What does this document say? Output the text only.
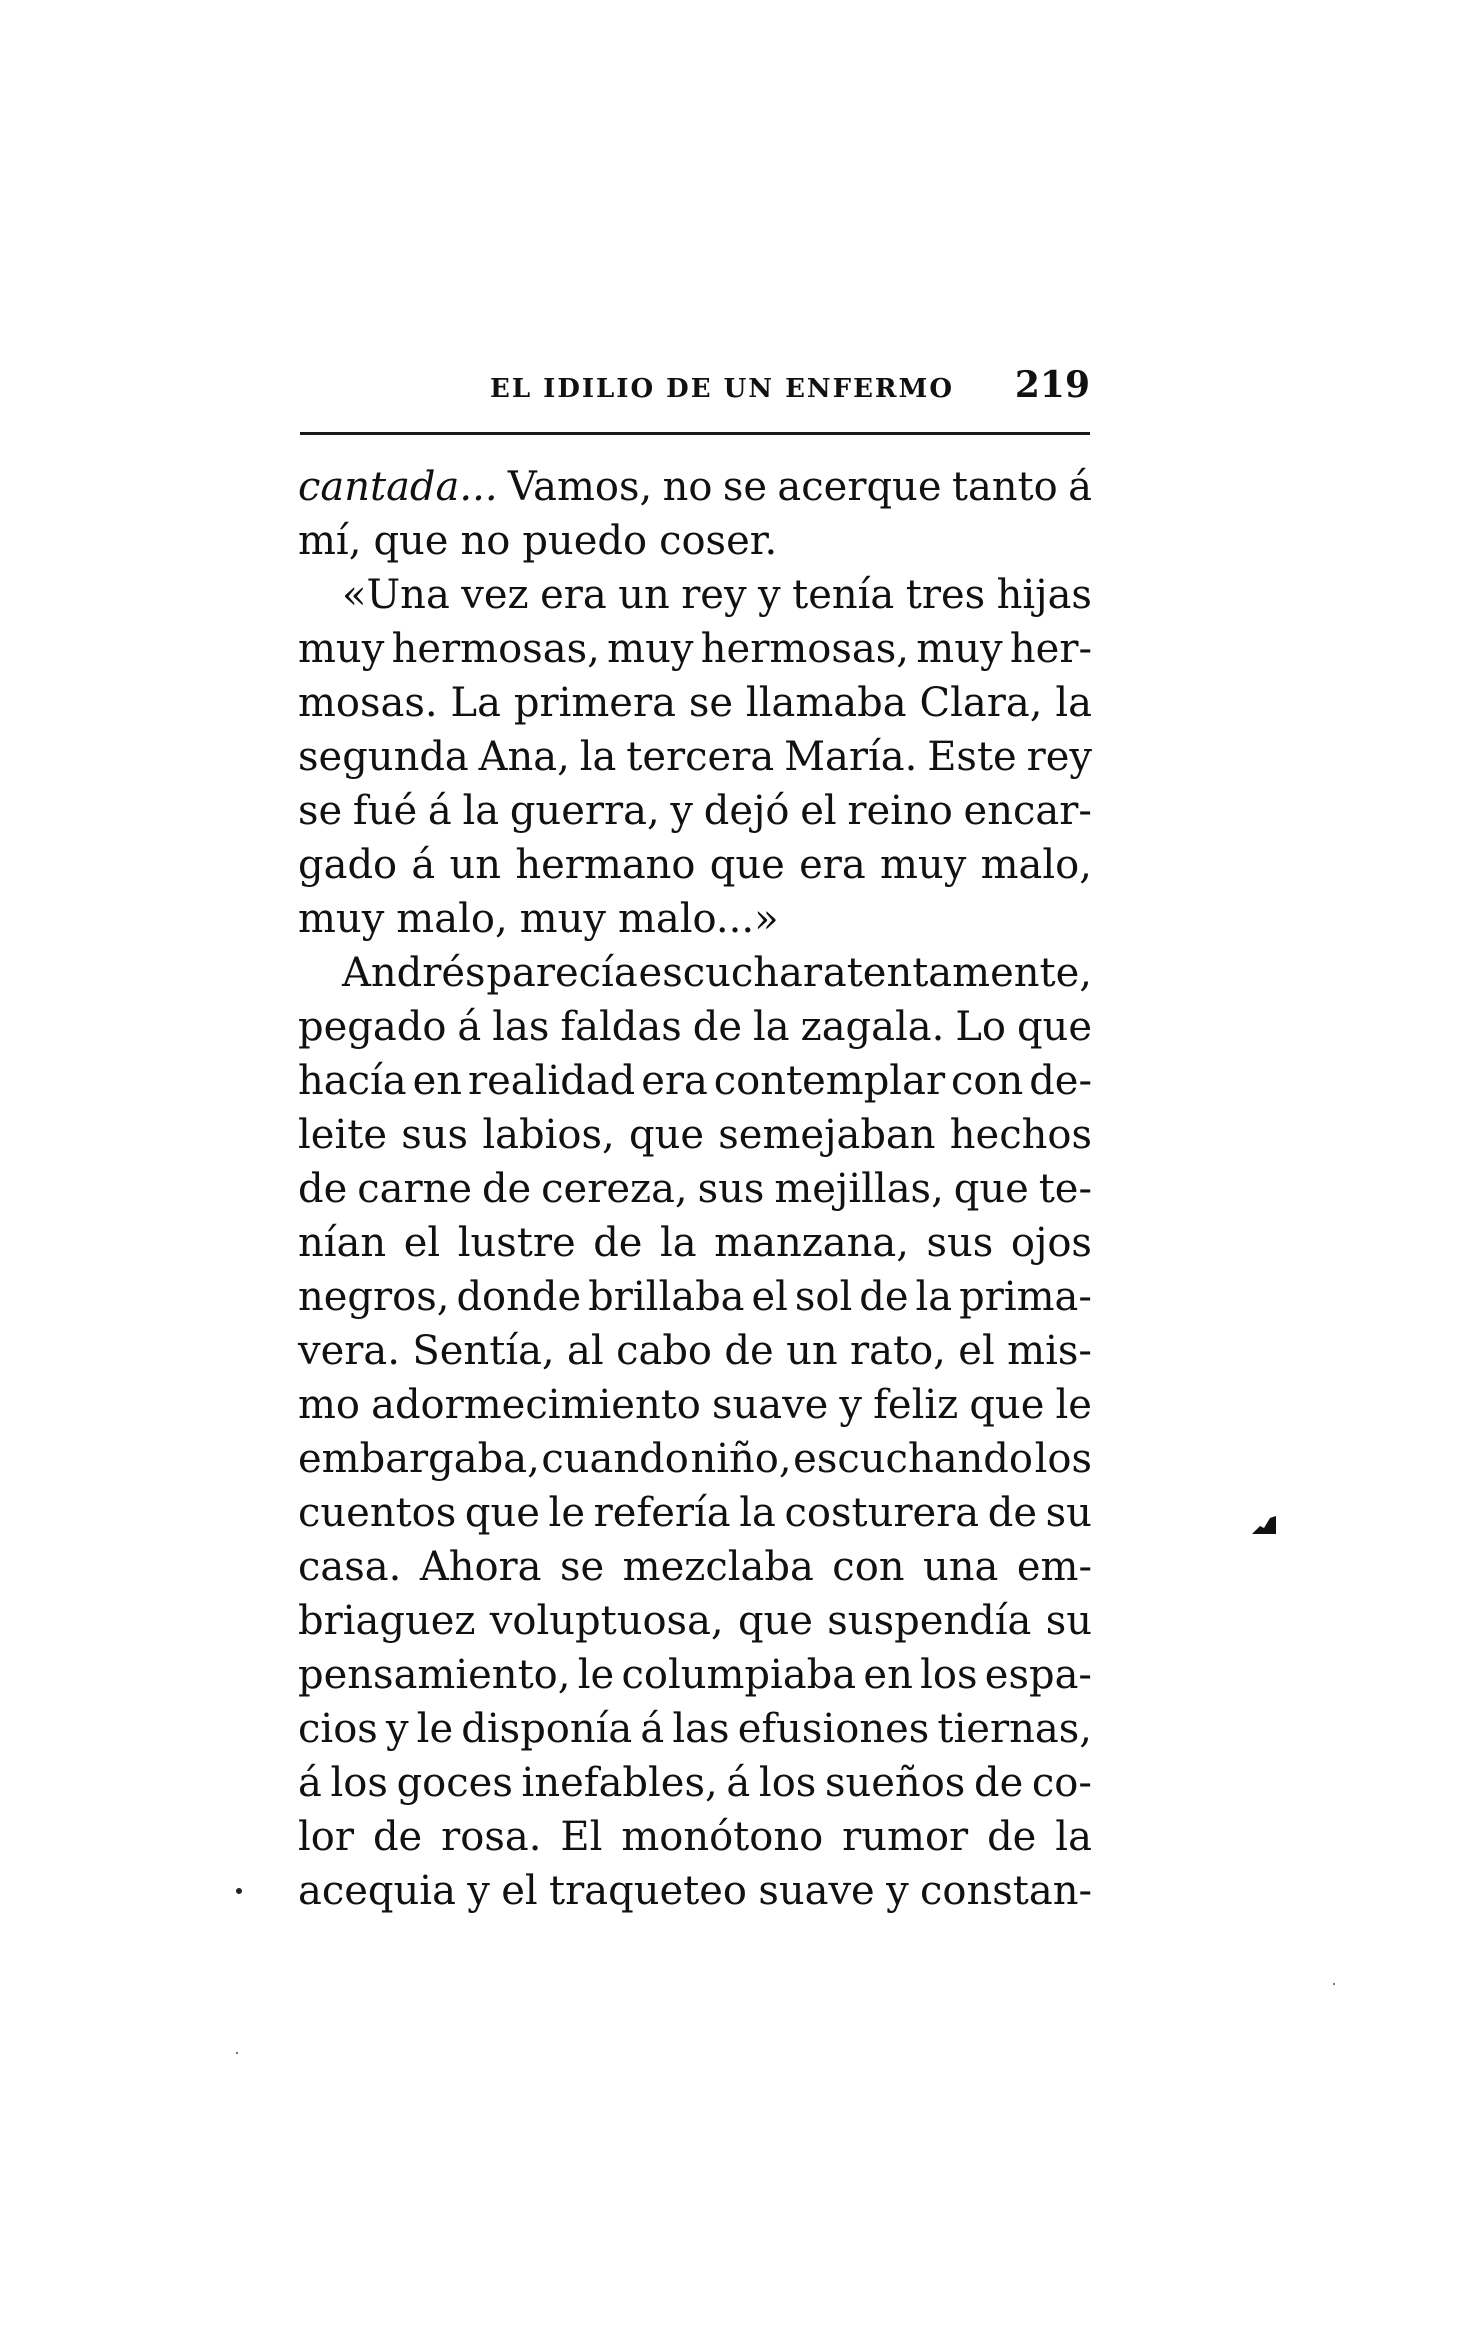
EL IDILIO DE UN ENFERMO 219
cantada... Vamos, no se acerque tanto á
mí, que no puedo coser.
«Una vez era un rey y tenía tres hijas
muy hermosas, muy hermosas, muy her-
mosas. La primera se llamaba Clara, la
segunda Ana, la tercera María. Este rey
se fué á la guerra, y dejó el reino encar-
gado á un hermano que era muy malo,
muy malo, muy malo...»
Andrés parecía escuchar atentamente,
pegado á las faldas de la zagala. Lo que
hacía en realidad era contemplar con de-
leite sus labios, que semejaban hechos
de carne de cereza, sus mejillas, que te-
nían el lustre de la manzana, sus ojos
negros, donde brillaba el sol de la prima-
vera. Sentía, al cabo de un rato, el mis-
mo adormecimiento suave y feliz que le
embargaba, cuando niño, escuchando los
cuentos que le refería la costurera de su
casa. Ahora se mezclaba con una em-
briaguez voluptuosa, que suspendía su
pensamiento, le columpiaba en los espa-
cios y le disponía á las efusiones tiernas,
á los goces inefables, á los sueños de co-
lor de rosa. El monótono rumor de la
acequia y el traqueteo suave y constan-
